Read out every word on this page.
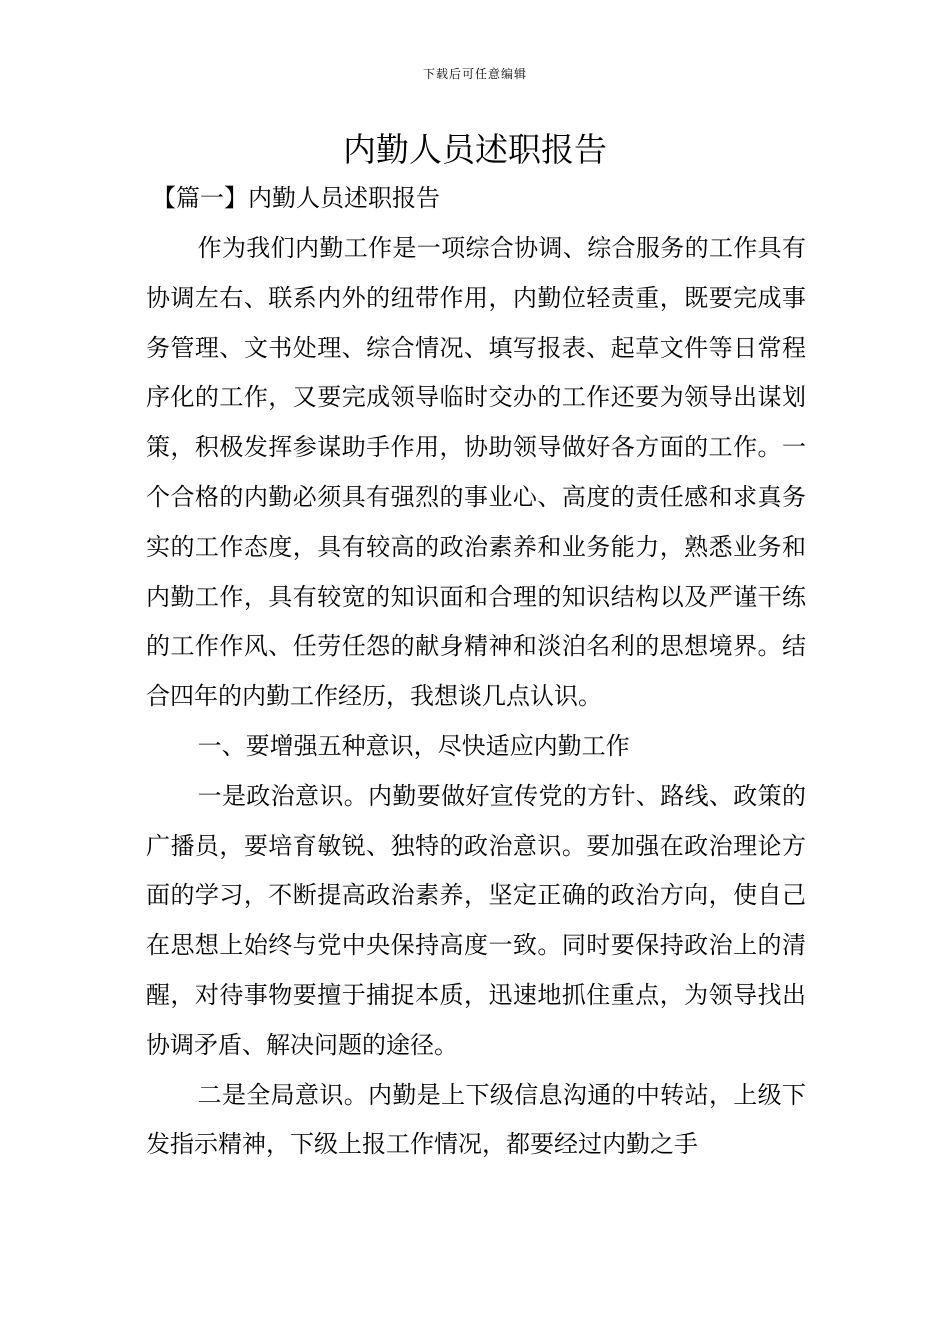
下载后可任意编辑
内勤人员述职报告
【篇一】内勤人员述职报告

作为我们内勤工作是一项综合协调、综合服务的工作具有协调左右、联系内外的纽带作用，内勤位轻责重，既要完成事务管理、文书处理、综合情况、填写报表、起草文件等日常程序化的工作，又要完成领导临时交办的工作还要为领导出谋划策，积极发挥参谋助手作用，协助领导做好各方面的工作。一个合格的内勤必须具有强烈的事业心、高度的责任感和求真务实的工作态度，具有较高的政治素养和业务能力，熟悉业务和内勤工作，具有较宽的知识面和合理的知识结构以及严谨干练的工作作风、任劳任怨的献身精神和淡泊名利的思想境界。结合四年的内勤工作经历，我想谈几点认识。

一、要增强五种意识，尽快适应内勤工作

一是政治意识。内勤要做好宣传党的方针、路线、政策的广播员，要培育敏锐、独特的政治意识。要加强在政治理论方面的学习，不断提高政治素养，坚定正确的政治方向，使自己在思想上始终与党中央保持高度一致。同时要保持政治上的清醒，对待事物要擅于捕捉本质，迅速地抓住重点，为领导找出协调矛盾、解决问题的途径。

二是全局意识。内勤是上下级信息沟通的中转站，上级下发指示精神，下级上报工作情况，都要经过内勤之手
